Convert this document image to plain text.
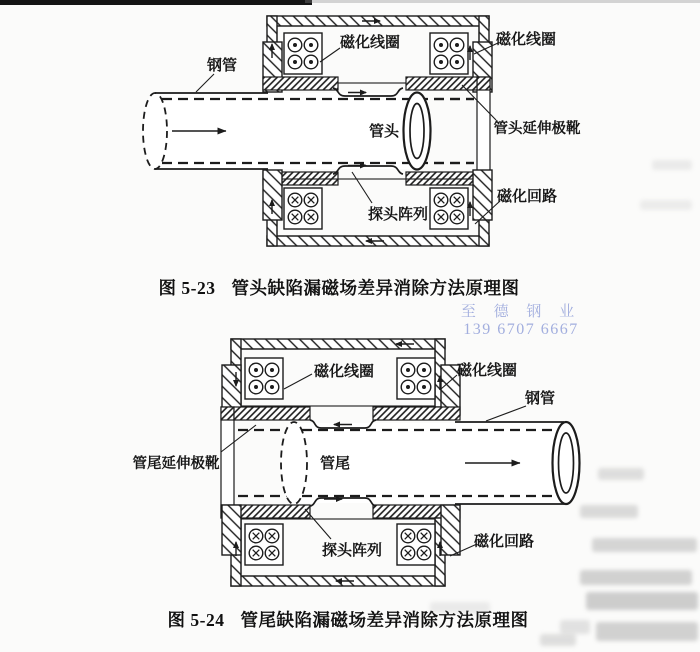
钢管
磁化线圈	磁化线圈
管头	管头延伸极靴
探头阵列
磁化回路
磁化线圈	磁化线圈
钢管
管尾延伸极靴	管尾
探头阵列
磁化回路
图 5-23 管头缺陷漏磁场差异消除方法原理图
图 5-24 管尾缺陷漏磁场差异消除方法原理图
至 德 钢 业
139 6707 6667
